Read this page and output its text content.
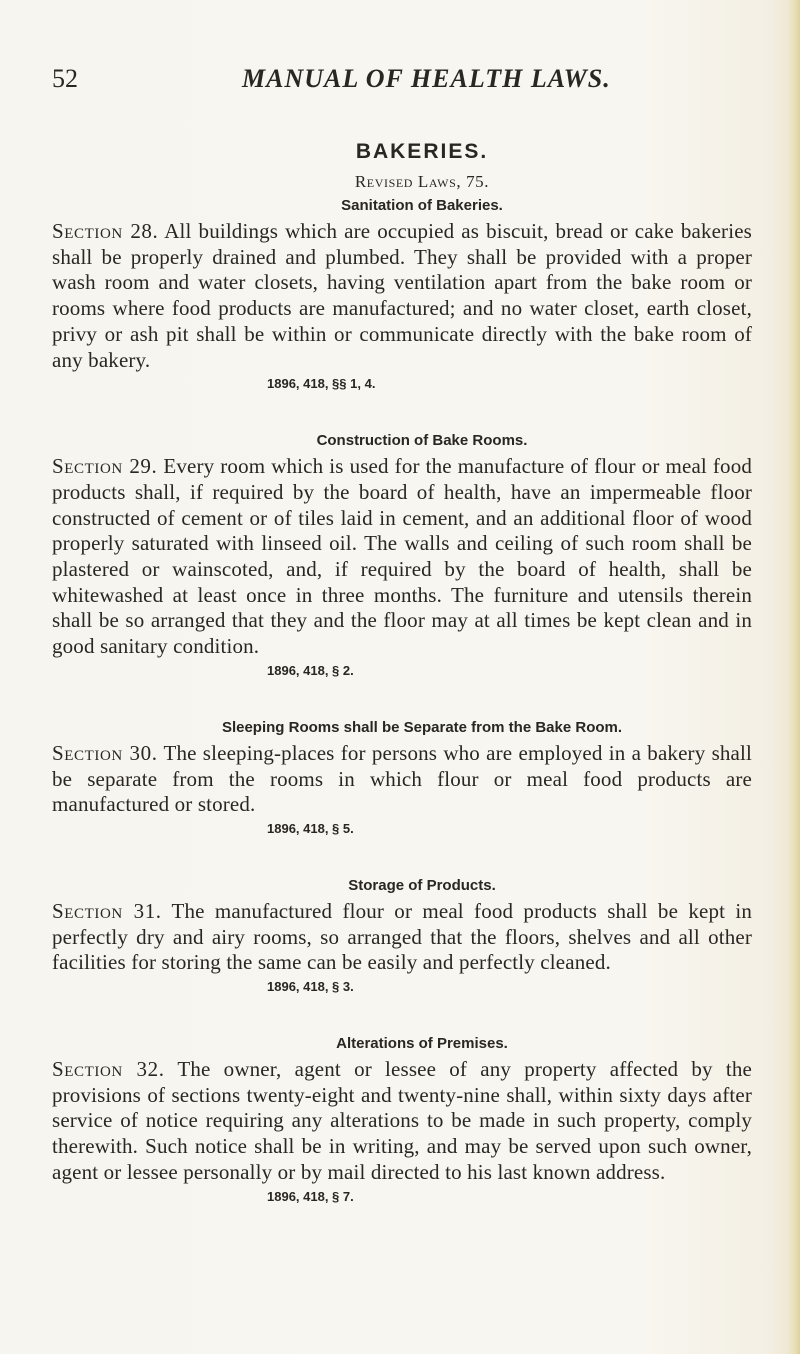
52	MANUAL OF HEALTH LAWS.
BAKERIES.

Revised Laws, 75.

Sanitation of Bakeries.

Section 28. All buildings which are occupied as biscuit, bread or cake bakeries shall be properly drained and plumbed. They shall be provided with a proper wash room and water closets, having ventilation apart from the bake room or rooms where food products are manufactured; and no water closet, earth closet, privy or ash pit shall be within or communicate directly with the bake room of any bakery.

1896, 418, §§ 1, 4.

Construction of Bake Rooms.

Section 29. Every room which is used for the manufacture of flour or meal food products shall, if required by the board of health, have an impermeable floor constructed of cement or of tiles laid in cement, and an additional floor of wood properly saturated with linseed oil. The walls and ceiling of such room shall be plastered or wainscoted, and, if required by the board of health, shall be whitewashed at least once in three months. The furniture and utensils therein shall be so arranged that they and the floor may at all times be kept clean and in good sanitary condition.

1896, 418, § 2.

Sleeping Rooms shall be Separate from the Bake Room.

Section 30. The sleeping-places for persons who are employed in a bakery shall be separate from the rooms in which flour or meal food products are manufactured or stored.

1896, 418, § 5.

Storage of Products.

Section 31. The manufactured flour or meal food products shall be kept in perfectly dry and airy rooms, so arranged that the floors, shelves and all other facilities for storing the same can be easily and perfectly cleaned.

1896, 418, § 3.

Alterations of Premises.

Section 32. The owner, agent or lessee of any property affected by the provisions of sections twenty-eight and twenty-nine shall, within sixty days after service of notice requiring any alterations to be made in such property, comply therewith. Such notice shall be in writing, and may be served upon such owner, agent or lessee personally or by mail directed to his last known address.

1896, 418, § 7.
